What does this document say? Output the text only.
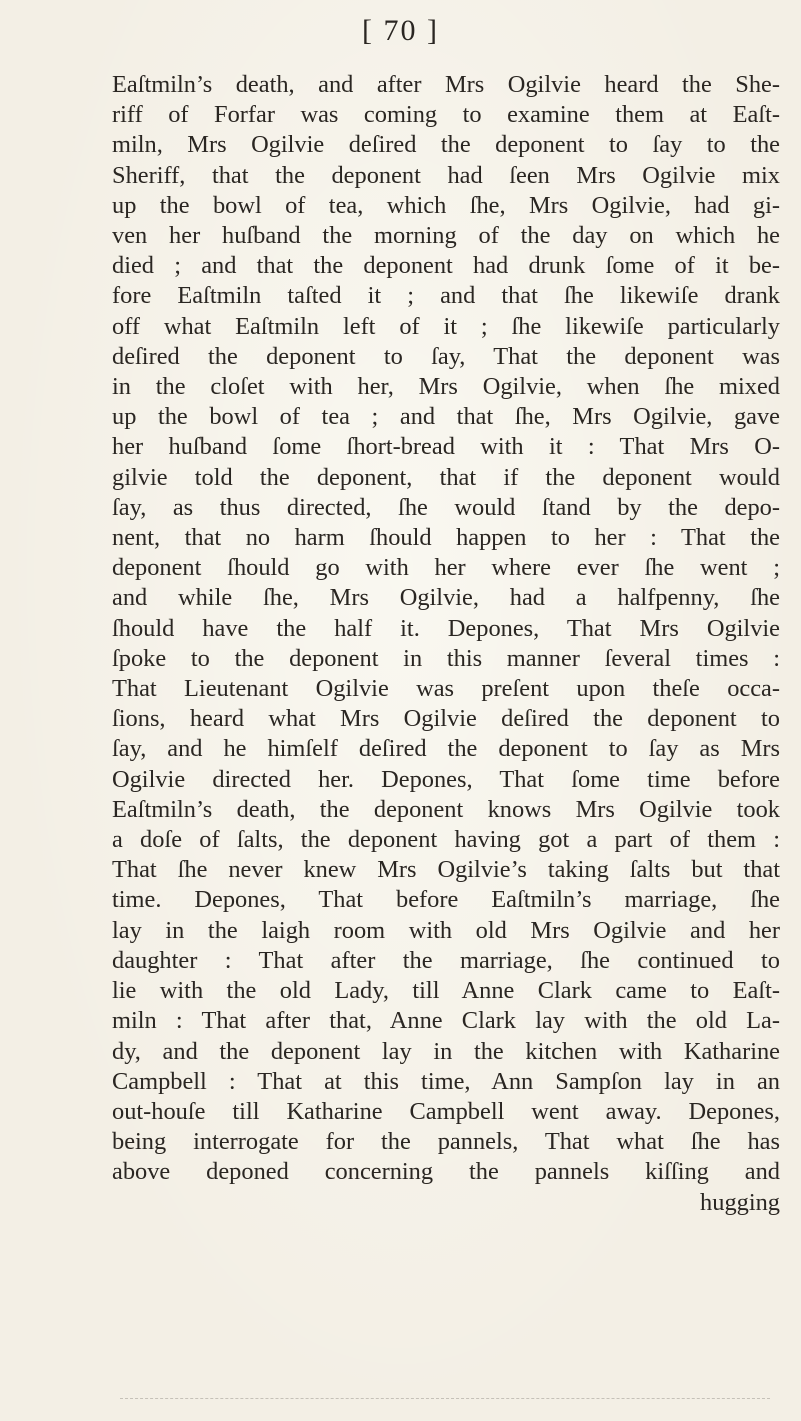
[ 70 ]
Eaſtmiln’s death, and after Mrs Ogilvie heard the She-
riff of Forfar was coming to examine them at Eaſt-
miln, Mrs Ogilvie deſired the deponent to ſay to the
Sheriff, that the deponent had ſeen Mrs Ogilvie mix
up the bowl of tea, which ſhe, Mrs Ogilvie, had gi-
ven her huſband the morning of the day on which he
died ; and that the deponent had drunk ſome of it be-
fore Eaſtmiln taſted it ; and that ſhe likewiſe drank
off what Eaſtmiln left of it ; ſhe likewiſe particularly
deſired the deponent to ſay, That the deponent was
in the cloſet with her, Mrs Ogilvie, when ſhe mixed
up the bowl of tea ; and that ſhe, Mrs Ogilvie, gave
her huſband ſome ſhort-bread with it : That Mrs O-
gilvie told the deponent, that if the deponent would
ſay, as thus directed, ſhe would ſtand by the depo-
nent, that no harm ſhould happen to her : That the
deponent ſhould go with her where ever ſhe went ;
and while ſhe, Mrs Ogilvie, had a halfpenny, ſhe
ſhould have the half it. Depones, That Mrs Ogilvie
ſpoke to the deponent in this manner ſeveral times :
That Lieutenant Ogilvie was preſent upon theſe occa-
ſions, heard what Mrs Ogilvie deſired the deponent to
ſay, and he himſelf deſired the deponent to ſay as Mrs
Ogilvie directed her. Depones, That ſome time before
Eaſtmiln’s death, the deponent knows Mrs Ogilvie took
a doſe of ſalts, the deponent having got a part of them :
That ſhe never knew Mrs Ogilvie’s taking ſalts but that
time. Depones, That before Eaſtmiln’s marriage, ſhe
lay in the laigh room with old Mrs Ogilvie and her
daughter : That after the marriage, ſhe continued to
lie with the old Lady, till Anne Clark came to Eaſt-
miln : That after that, Anne Clark lay with the old La-
dy, and the deponent lay in the kitchen with Katharine
Campbell : That at this time, Ann Sampſon lay in an
out-houſe till Katharine Campbell went away. Depones,
being interrogate for the pannels, That what ſhe has
above deponed concerning the pannels kiſſing and
hugging
